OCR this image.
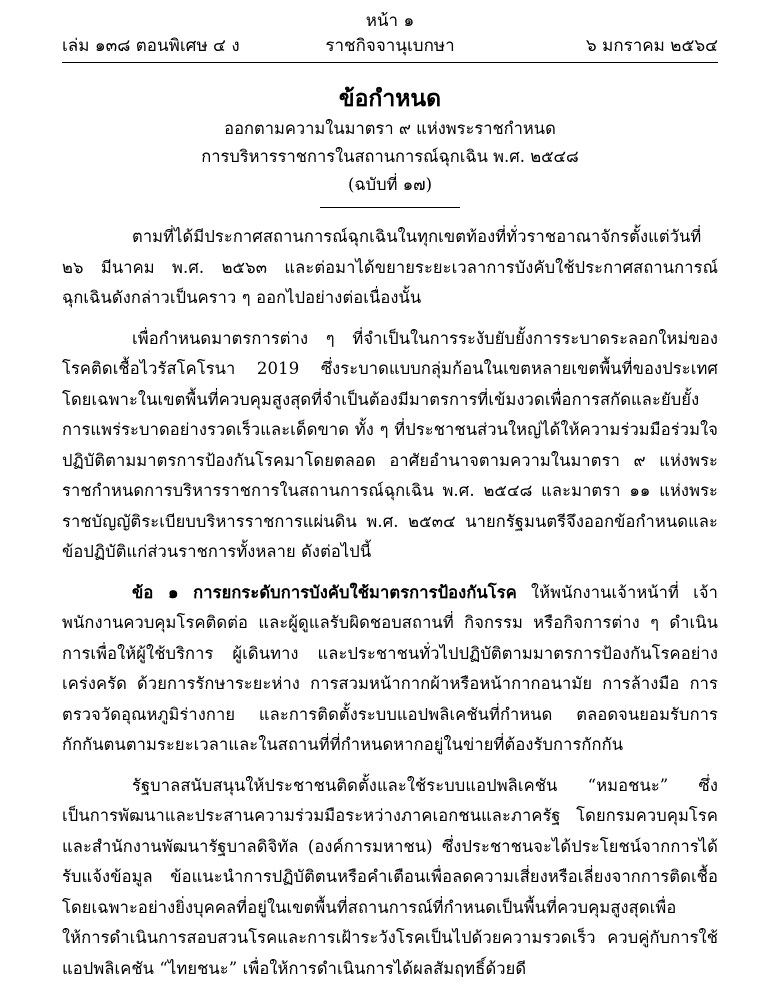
หน้า ๑
เล่ม ๑๓๘ ตอนพิเศษ ๔ ง	ราชกิจจานุเบกษา	๖ มกราคม ๒๕๖๔
ข้อกำหนด
ออกตามความในมาตรา ๙ แห่งพระราชกำหนด
การบริหารราชการในสถานการณ์ฉุกเฉิน พ.ศ. ๒๕๔๘
(ฉบับที่ ๑๗)

ตามที่ได้มีประกาศสถานการณ์ฉุกเฉินในทุกเขตท้องที่ทั่วราชอาณาจักรตั้งแต่วันที่ ๒๖ มีนาคม พ.ศ. ๒๕๖๓ และต่อมาได้ขยายระยะเวลาการบังคับใช้ประกาศสถานการณ์ฉุกเฉินดังกล่าวเป็นคราว ๆ ออกไปอย่างต่อเนื่องนั้น

เพื่อกำหนดมาตรการต่าง ๆ ที่จำเป็นในการระงับยับยั้งการระบาดระลอกใหม่ของโรคติดเชื้อไวรัสโคโรนา 2019 ซึ่งระบาดแบบกลุ่มก้อนในเขตหลายเขตพื้นที่ของประเทศ โดยเฉพาะในเขตพื้นที่ควบคุมสูงสุดที่จำเป็นต้องมีมาตรการที่เข้มงวดเพื่อการสกัดและยับยั้งการแพร่ระบาดอย่างรวดเร็วและเด็ดขาด ทั้ง ๆ ที่ประชาชนส่วนใหญ่ได้ให้ความร่วมมือร่วมใจปฏิบัติตามมาตรการป้องกันโรคมาโดยตลอด อาศัยอำนาจตามความในมาตรา ๙ แห่งพระราชกำหนดการบริหารราชการในสถานการณ์ฉุกเฉิน พ.ศ. ๒๕๔๘ และมาตรา ๑๑ แห่งพระราชบัญญัติระเบียบบริหารราชการแผ่นดิน พ.ศ. ๒๕๓๔ นายกรัฐมนตรีจึงออกข้อกำหนดและข้อปฏิบัติแก่ส่วนราชการทั้งหลาย ดังต่อไปนี้

ข้อ ๑ การยกระดับการบังคับใช้มาตรการป้องกันโรค ให้พนักงานเจ้าหน้าที่ เจ้าพนักงานควบคุมโรคติดต่อ และผู้ดูแลรับผิดชอบสถานที่ กิจกรรม หรือกิจการต่าง ๆ ดำเนินการเพื่อให้ผู้ใช้บริการ ผู้เดินทาง และประชาชนทั่วไปปฏิบัติตามมาตรการป้องกันโรคอย่างเคร่งครัด ด้วยการรักษาระยะห่าง การสวมหน้ากากผ้าหรือหน้ากากอนามัย การล้างมือ การตรวจวัดอุณหภูมิร่างกาย และการติดตั้งระบบแอปพลิเคชันที่กำหนด ตลอดจนยอมรับการกักกันตนตามระยะเวลาและในสถานที่ที่กำหนดหากอยู่ในข่ายที่ต้องรับการกักกัน

รัฐบาลสนับสนุนให้ประชาชนติดตั้งและใช้ระบบแอปพลิเคชัน “หมอชนะ” ซึ่งเป็นการพัฒนาและประสานความร่วมมือระหว่างภาคเอกชนและภาครัฐ โดยกรมควบคุมโรคและสำนักงานพัฒนารัฐบาลดิจิทัล (องค์การมหาชน) ซึ่งประชาชนจะได้ประโยชน์จากการได้รับแจ้งข้อมูล ข้อแนะนำการปฏิบัติตนหรือคำเตือนเพื่อลดความเสี่ยงหรือเลี่ยงจากการติดเชื้อ โดยเฉพาะอย่างยิ่งบุคคลที่อยู่ในเขตพื้นที่สถานการณ์ที่กำหนดเป็นพื้นที่ควบคุมสูงสุดเพื่อให้การดำเนินการสอบสวนโรคและการเฝ้าระวังโรคเป็นไปด้วยความรวดเร็ว ควบคู่กับการใช้แอปพลิเคชัน “ไทยชนะ” เพื่อให้การดำเนินการได้ผลสัมฤทธิ์ด้วยดี
